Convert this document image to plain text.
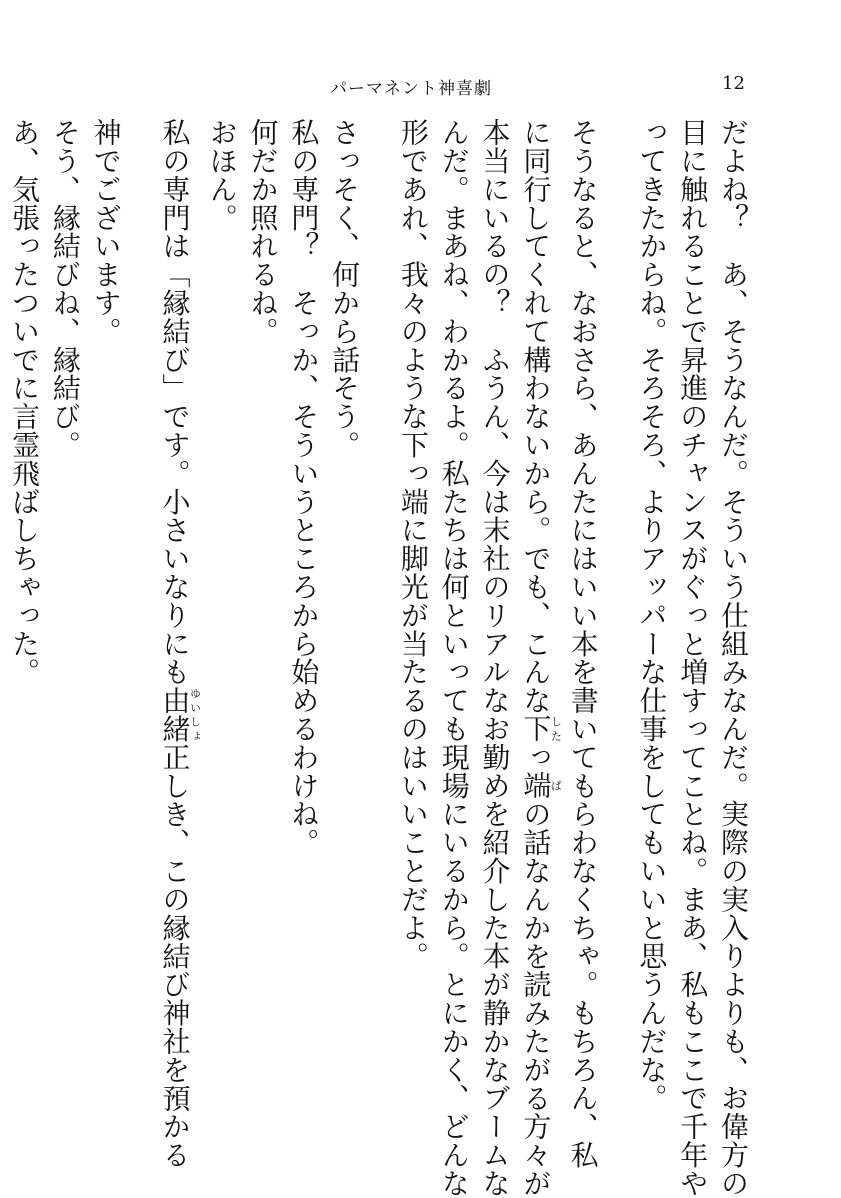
パーマネント神喜劇	12
だよね？　あ、そうなんだ。そういう仕組みなんだ。実際の実入りよりも、お偉方の
目に触れることで昇進のチャンスがぐっと増すってことね。まあ、私もここで千年や
ってきたからね。そろそろ、よりアッパーな仕事をしてもいいと思うんだな。
そうなると、なおさら、あんたにはいい本を書いてもらわなくちゃ。もちろん、私
に同行してくれて構わないから。でも、こんな下したっ端ぱの話なんかを読みたがる方々が
本当にいるの？　ふうん、今は末社のリアルなお勤めを紹介した本が静かなブームな
んだ。まあね、わかるよ。私たちは何といっても現場にいるから。とにかく、どんな
形であれ、我々のような下っ端に脚光が当たるのはいいことだよ。
さっそく、何から話そう。
私の専門？　そっか、そういうところから始めるわけね。
何だか照れるね。
おほん。
私の専門は「縁結び」です。小さいなりにも由緒ゆいしょ正しき、この縁結び神社を預かる
神でございます。
そう、縁結びね、縁結び。
あ、気張ったついでに言霊飛ばしちゃった。
